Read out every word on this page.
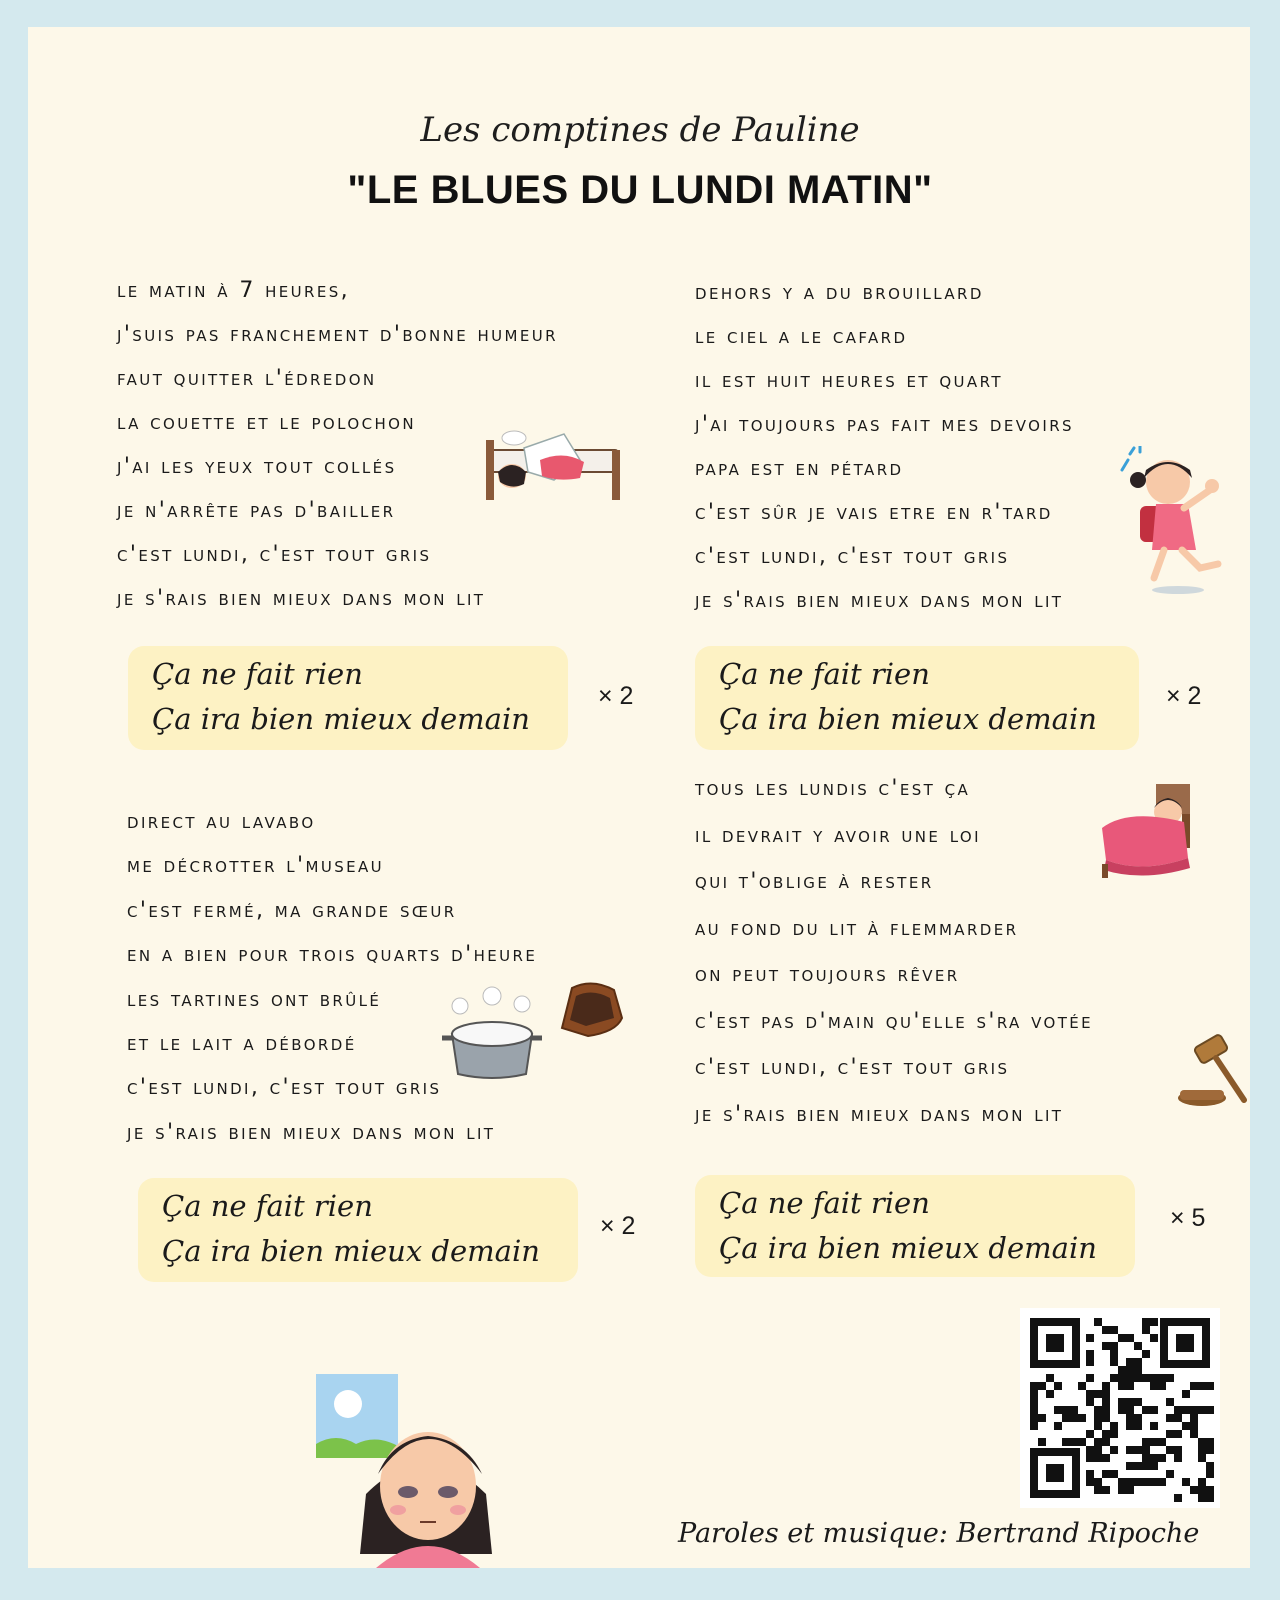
Les comptines de Pauline
"LE BLUES DU LUNDI MATIN"
le matin à 7 heures,
j'suis pas franchement d'bonne humeur
faut quitter l'édredon
la couette et le polochon
j'ai les yeux tout collés
je n'arrête pas d'bailler
c'est lundi, c'est tout gris
je s'rais bien mieux dans mon lit
Ça ne fait rien
Ça ira bien mieux demain
× 2
dehors y a du brouillard
le ciel a le cafard
il est huit heures et quart
j'ai toujours pas fait mes devoirs
papa est en pétard
c'est sûr je vais etre en r'tard
c'est lundi, c'est tout gris
je s'rais bien mieux dans mon lit
Ça ne fait rien
Ça ira bien mieux demain
× 2
direct au lavabo
me décrotter l'museau
c'est fermé, ma grande sœur
en a bien pour trois quarts d'heure
les tartines ont brûlé
et le lait a débordé
c'est lundi, c'est tout gris
je s'rais bien mieux dans mon lit
Ça ne fait rien
Ça ira bien mieux demain
× 2
tous les lundis c'est ça
il devrait y avoir une loi
qui t'oblige à rester
au fond du lit à flemmarder
on peut toujours rêver
c'est pas d'main qu'elle s'ra votée
c'est lundi, c'est tout gris
je s'rais bien mieux dans mon lit
Ça ne fait rien
Ça ira bien mieux demain
× 5
Paroles et musique: Bertrand Ripoche
